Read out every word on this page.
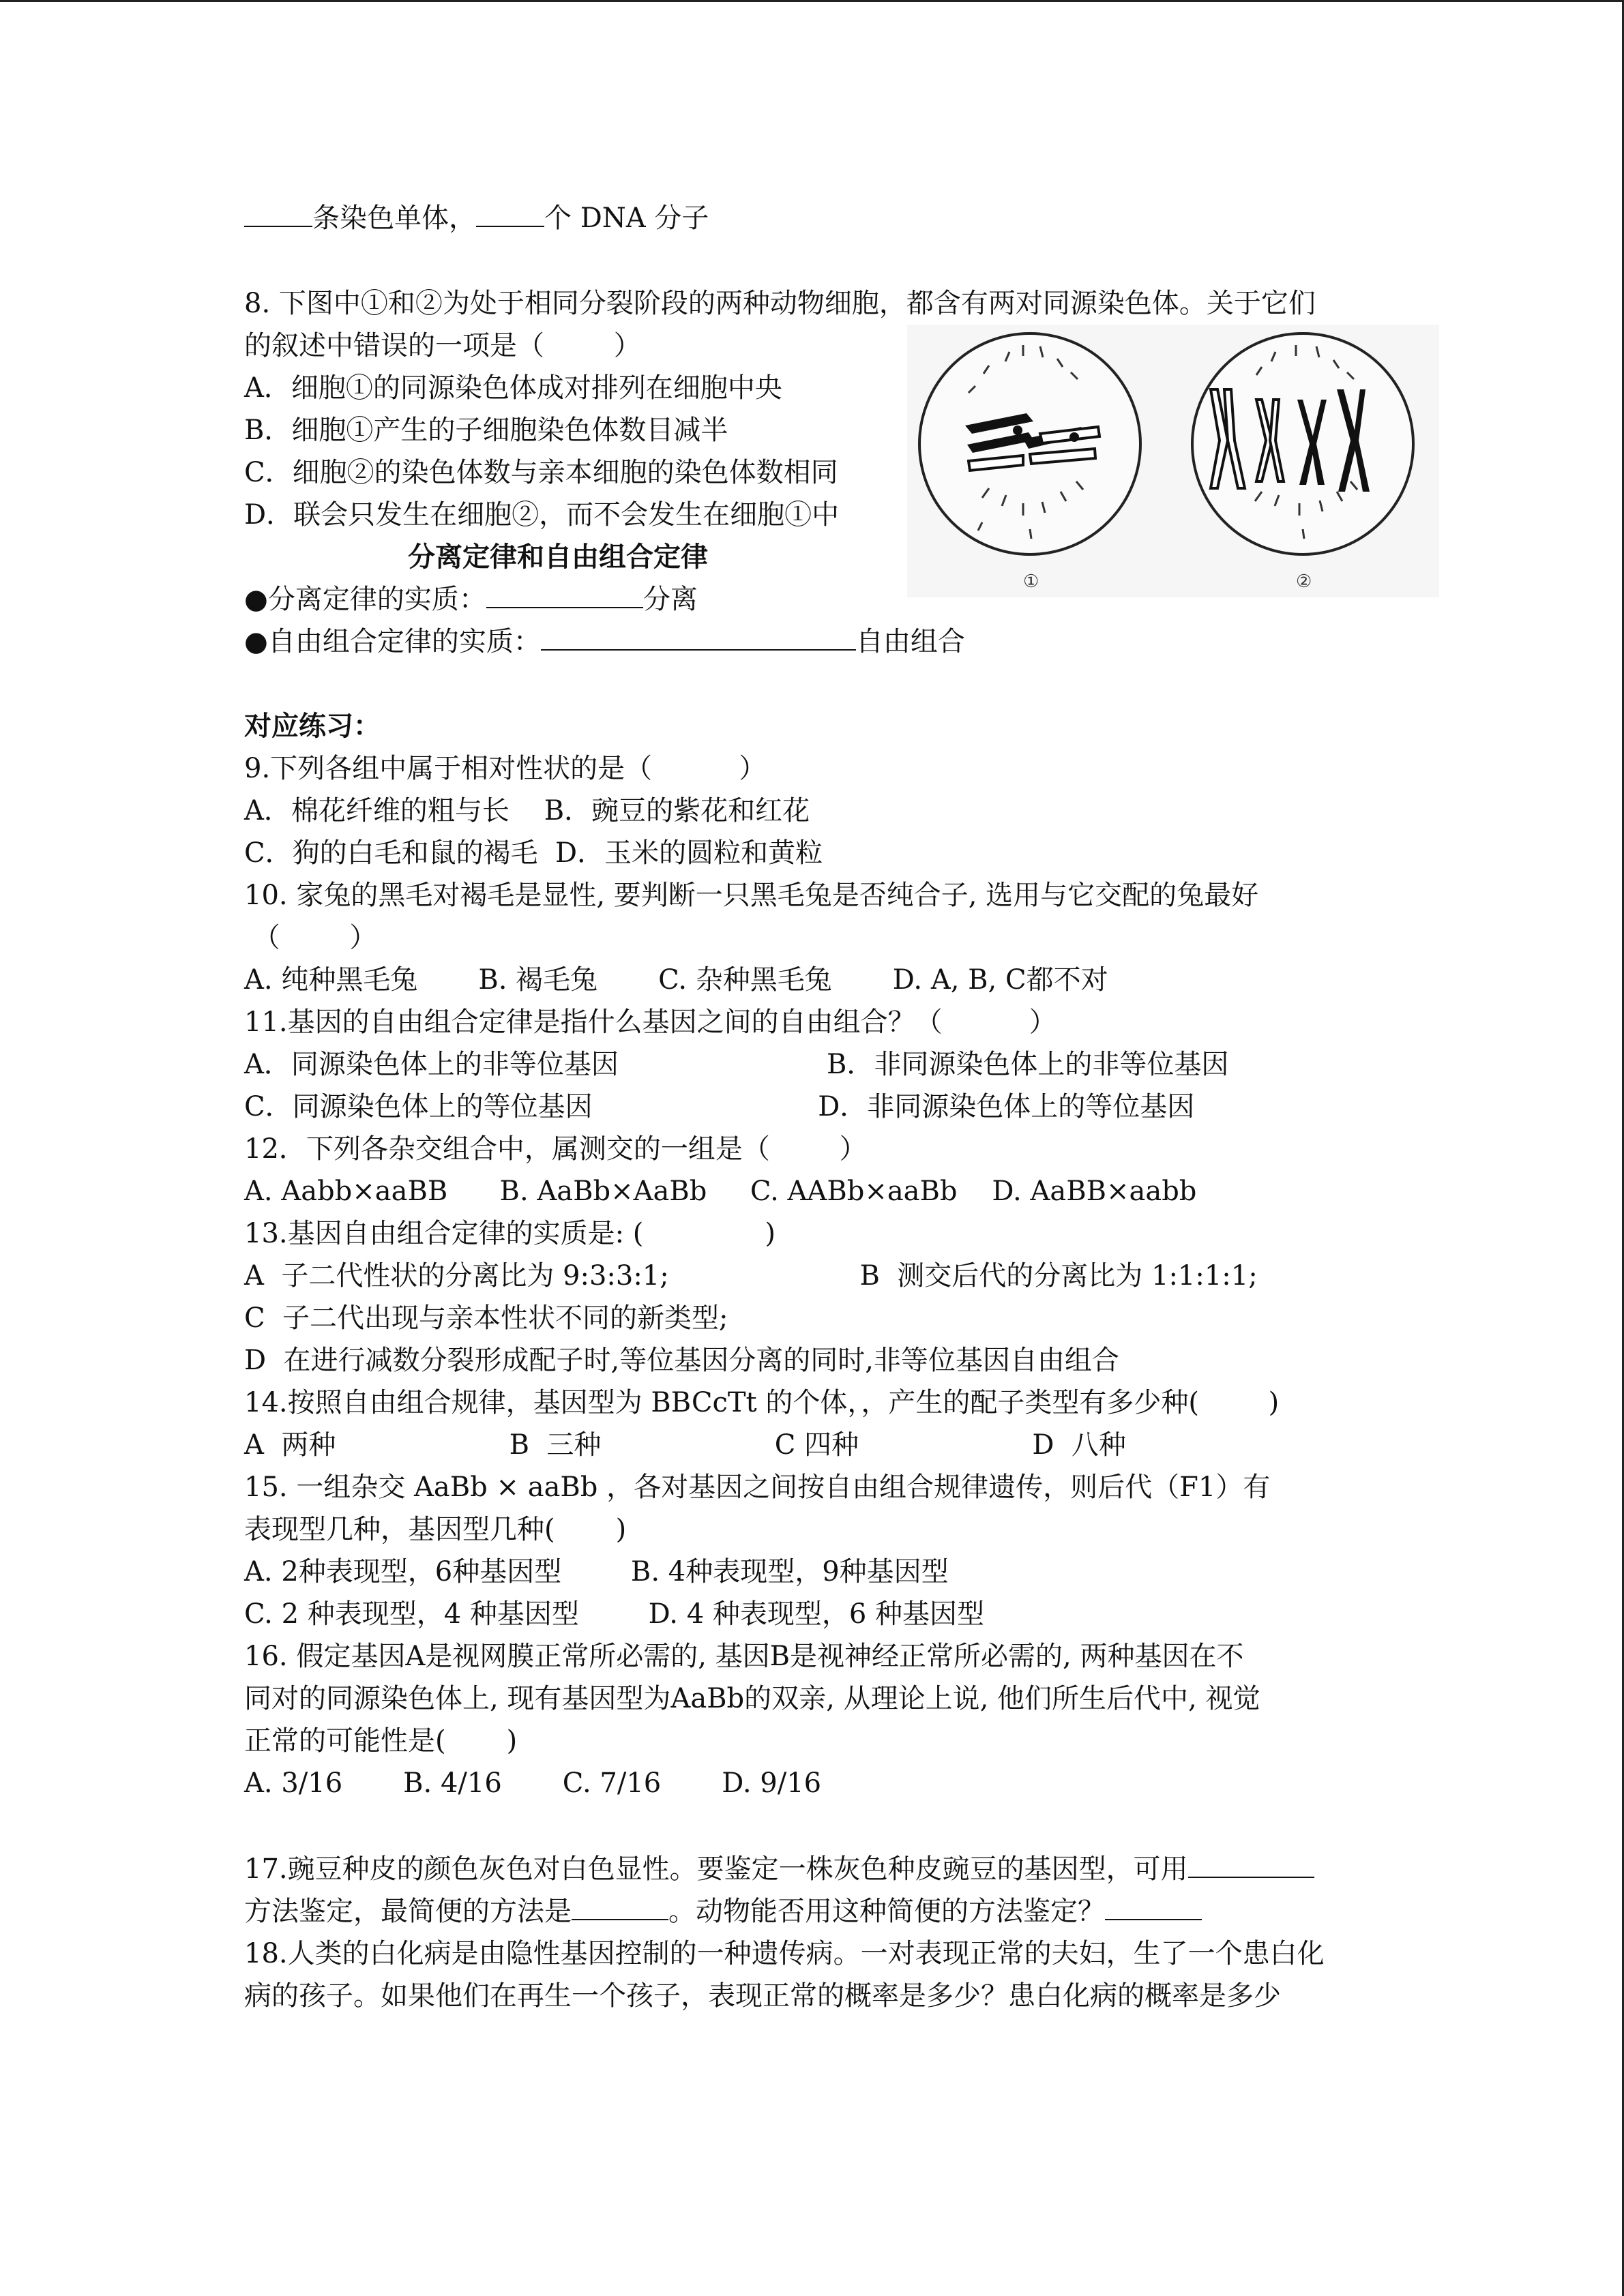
条染色单体，	个 DNA 分子
8. 下图中①和②为处于相同分裂阶段的两种动物细胞，都含有两对同源染色体。关于它们
的叙述中错误的一项是（        ）
A．细胞①的同源染色体成对排列在细胞中央
B．细胞①产生的子细胞染色体数目减半
C．细胞②的染色体数与亲本细胞的染色体数相同
D．联会只发生在细胞②，而不会发生在细胞①中
①	②
分离定律和自由组合定律
●分离定律的实质：	分离
●自由组合定律的实质：	自由组合
对应练习：
9.下列各组中属于相对性状的是（          ）
A．棉花纤维的粗与长    B．豌豆的紫花和红花
C．狗的白毛和鼠的褐毛  D．玉米的圆粒和黄粒
10. 家兔的黑毛对褐毛是显性, 要判断一只黑毛兔是否纯合子, 选用与它交配的兔最好
（        ）
A. 纯种黑毛兔       B. 褐毛兔       C. 杂种黑毛兔       D. A, B, C都不对
11.基因的自由组合定律是指什么基因之间的自由组合？（          ）
A．同源染色体上的非等位基因                        B．非同源染色体上的非等位基因
C．同源染色体上的等位基因                          D．非同源染色体上的等位基因
12．下列各杂交组合中，属测交的一组是（        ）
A. Aabb×aaBB      B. AaBb×AaBb     C. AABb×aaBb    D. AaBB×aabb
13.基因自由组合定律的实质是: (              )
A  子二代性状的分离比为 9:3:3:1;                      B  测交后代的分离比为 1:1:1:1;
C  子二代出现与亲本性状不同的新类型;
D  在进行减数分裂形成配子时,等位基因分离的同时,非等位基因自由组合
14.按照自由组合规律，基因型为 BBCcTt 的个体，，产生的配子类型有多少种(        )
A  两种                    B  三种                    C 四种                    D  八种
15. 一组杂交 AaBb × aaBb ，各对基因之间按自由组合规律遗传，则后代（F1）有
表现型几种，基因型几种(       )
A. 2种表现型，6种基因型        B. 4种表现型，9种基因型
C. 2 种表现型，4 种基因型        D. 4 种表现型，6 种基因型
16. 假定基因A是视网膜正常所必需的, 基因B是视神经正常所必需的, 两种基因在不
同对的同源染色体上, 现有基因型为AaBb的双亲, 从理论上说, 他们所生后代中, 视觉
正常的可能性是(       )
A. 3/16       B. 4/16       C. 7/16       D. 9/16
17.豌豆种皮的颜色灰色对白色显性。要鉴定一株灰色种皮豌豆的基因型，可用
方法鉴定，最简便的方法是	。动物能否用这种简便的方法鉴定？
18.人类的白化病是由隐性基因控制的一种遗传病。一对表现正常的夫妇，生了一个患白化
病的孩子。如果他们在再生一个孩子，表现正常的概率是多少？患白化病的概率是多少
